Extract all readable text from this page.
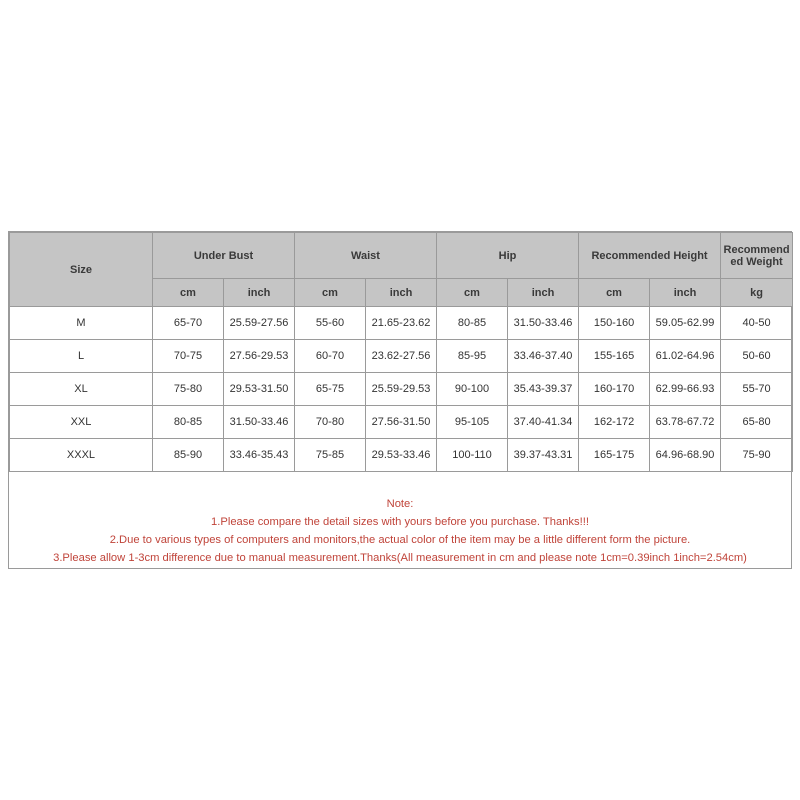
Size	Under Bust		Waist		Hip		Recommended Height		Recommended Weight
	cm	inch	cm	inch	cm	inch	cm	inch	kg
M	65-70	25.59-27.56	55-60	21.65-23.62	80-85	31.50-33.46	150-160	59.05-62.99	40-50
L	70-75	27.56-29.53	60-70	23.62-27.56	85-95	33.46-37.40	155-165	61.02-64.96	50-60
XL	75-80	29.53-31.50	65-75	25.59-29.53	90-100	35.43-39.37	160-170	62.99-66.93	55-70
XXL	80-85	31.50-33.46	70-80	27.56-31.50	95-105	37.40-41.34	162-172	63.78-67.72	65-80
XXXL	85-90	33.46-35.43	75-85	29.53-33.46	100-110	39.37-43.31	165-175	64.96-68.90	75-90
Note:
1.Please compare the detail sizes with yours before you purchase. Thanks!!!
2.Due to various types of computers and monitors,the actual color of the item may be a little different form the picture.
3.Please allow 1-3cm difference due to manual measurement.Thanks(All measurement in cm and please note 1cm=0.39inch 1inch=2.54cm)
